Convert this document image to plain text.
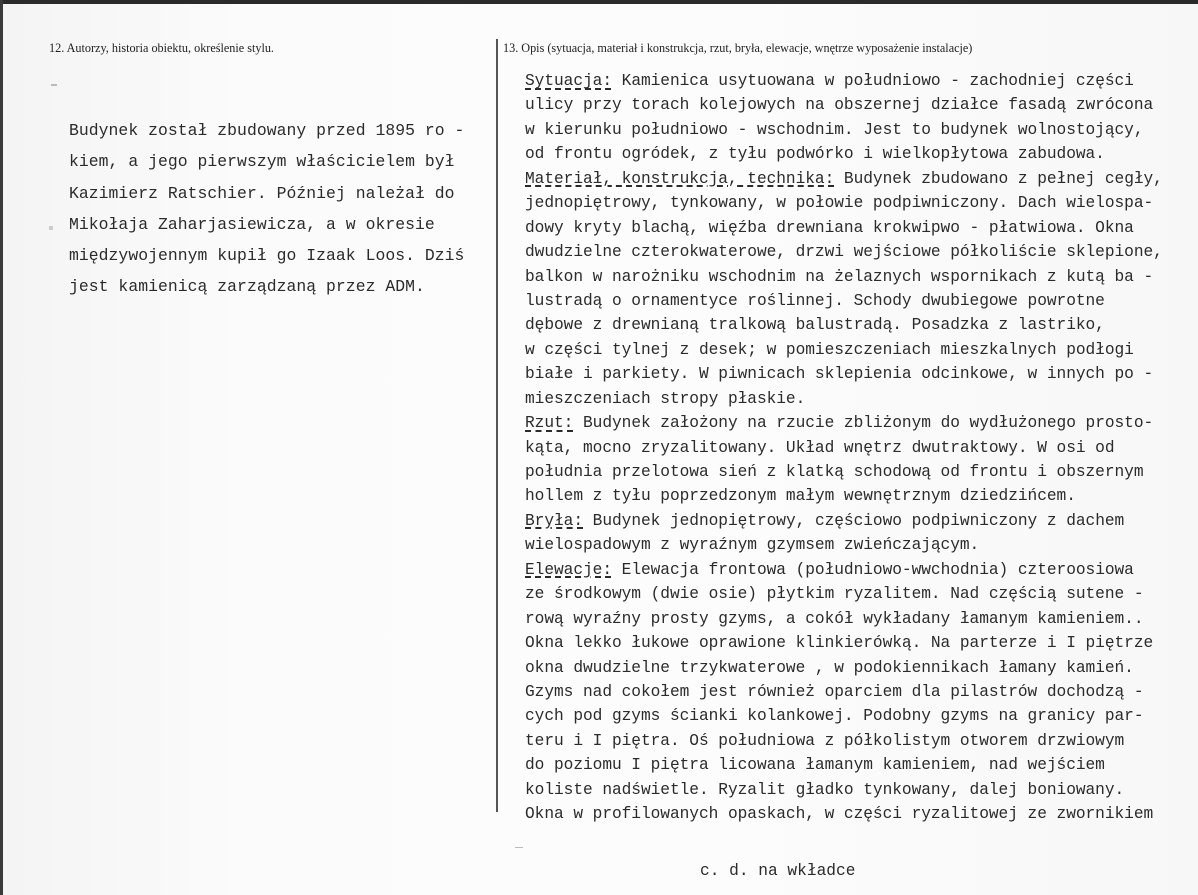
12. Autorzy, historia obiektu, określenie stylu.	13. Opis (sytuacja, materiał i konstrukcja, rzut, bryła, elewacje, wnętrze wyposażenie instalacje)
Budynek został zbudowany przed 1895 ro -
kiem, a jego pierwszym właścicielem był
Kazimierz Ratschier. Później należał do
Mikołaja Zaharjasiewicza, a w okresie
międzywojennym kupił go Izaak Loos. Dziś
jest kamienicą zarządzaną przez ADM.
Sytuacja: Kamienica usytuowana w południowo - zachodniej części
ulicy przy torach kolejowych na obszernej działce fasadą zwrócona
w kierunku południowo - wschodnim. Jest to budynek wolnostojący,
od frontu ogródek, z tyłu podwórko i wielkopłytowa zabudowa.
Materiał, konstrukcja, technika: Budynek zbudowano z pełnej cegły,
jednopiętrowy, tynkowany, w połowie podpiwniczony. Dach wielospa-
dowy kryty blachą, więźba drewniana krokwipwo - płatwiowa. Okna
dwudzielne czterokwaterowe, drzwi wejściowe półkoliście sklepione,
balkon w narożniku wschodnim na żelaznych wspornikach z kutą ba -
lustradą o ornamentyce roślinnej. Schody dwubiegowe powrotne
dębowe z drewnianą tralkową balustradą. Posadzka z lastriko,
w części tylnej z desek; w pomieszczeniach mieszkalnych podłogi
białe i parkiety. W piwnicach sklepienia odcinkowe, w innych po -
mieszczeniach stropy płaskie.
Rzut: Budynek założony na rzucie zbliżonym do wydłużonego prosto-
kąta, mocno zryzalitowany. Układ wnętrz dwutraktowy. W osi od
południa przelotowa sień z klatką schodową od frontu i obszernym
hollem z tyłu poprzedzonym małym wewnętrznym dziedzińcem.
Bryła: Budynek jednopiętrowy, częściowo podpiwniczony z dachem
wielospadowym z wyraźnym gzymsem zwieńczającym.
Elewacje: Elewacja frontowa (południowo-wwchodnia) czteroosiowa
ze środkowym (dwie osie) płytkim ryzalitem. Nad częścią sutene -
rową wyraźny prosty gzyms, a cokół wykładany łamanym kamieniem..
Okna lekko łukowe oprawione klinkierówką. Na parterze i I piętrze
okna dwudzielne trzykwaterowe , w podokiennikach łamany kamień.
Gzyms nad cokołem jest również oparciem dla pilastrów dochodzą -
cych pod gzyms ścianki kolankowej. Podobny gzyms na granicy par-
teru i I piętra. Oś południowa z półkolistym otworem drzwiowym
do poziomu I piętra licowana łamanym kamieniem, nad wejściem
koliste nadświetle. Ryzalit gładko tynkowany, dalej boniowany.
Okna w profilowanych opaskach, w części ryzalitowej ze zwornikiem
c. d. na wkładce
